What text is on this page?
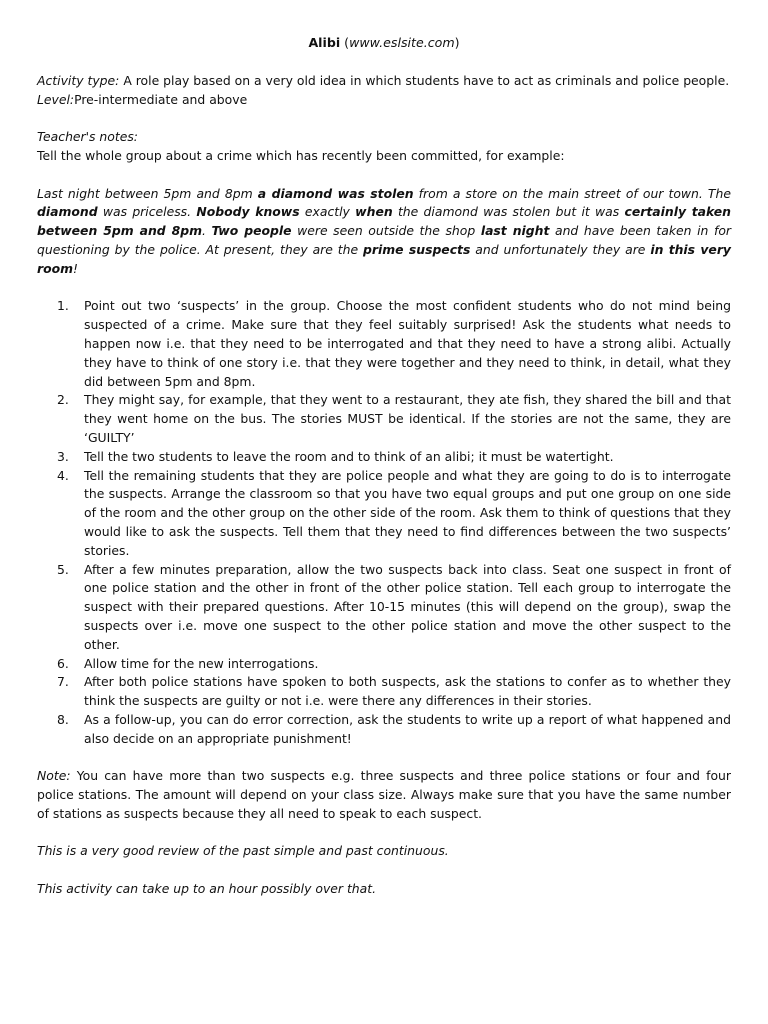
Alibi (www.eslsite.com)

Activity type: A role play based on a very old idea in which students have to act as criminals and police people.

Level:Pre-intermediate and above

Teacher's notes:

Tell the whole group about a crime which has recently been committed, for example:

Last night between 5pm and 8pm a diamond was stolen from a store on the main street of our town. The diamond was priceless. Nobody knows exactly when the diamond was stolen but it was certainly taken between 5pm and 8pm. Two people were seen outside the shop last night and have been taken in for questioning by the police. At present, they are the prime suspects and unfortunately they are in this very room!

1. Point out two ‘suspects’ in the group. Choose the most confident students who do not mind being suspected of a crime. Make sure that they feel suitably surprised! Ask the students what needs to happen now i.e. that they need to be interrogated and that they need to have a strong alibi. Actually they have to think of one story i.e. that they were together and they need to think, in detail, what they did between 5pm and 8pm.
2. They might say, for example, that they went to a restaurant, they ate fish, they shared the bill and that they went home on the bus. The stories MUST be identical. If the stories are not the same, they are ‘GUILTY’
3. Tell the two students to leave the room and to think of an alibi; it must be watertight.
4. Tell the remaining students that they are police people and what they are going to do is to interrogate the suspects. Arrange the classroom so that you have two equal groups and put one group on one side of the room and the other group on the other side of the room. Ask them to think of questions that they would like to ask the suspects. Tell them that they need to find differences between the two suspects’ stories.
5. After a few minutes preparation, allow the two suspects back into class. Seat one suspect in front of one police station and the other in front of the other police station. Tell each group to interrogate the suspect with their prepared questions. After 10-15 minutes (this will depend on the group), swap the suspects over i.e. move one suspect to the other police station and move the other suspect to the other.
6. Allow time for the new interrogations.
7. After both police stations have spoken to both suspects, ask the stations to confer as to whether they think the suspects are guilty or not i.e. were there any differences in their stories.
8. As a follow-up, you can do error correction, ask the students to write up a report of what happened and also decide on an appropriate punishment!

Note: You can have more than two suspects e.g. three suspects and three police stations or four and four police stations. The amount will depend on your class size. Always make sure that you have the same number of stations as suspects because they all need to speak to each suspect.

This is a very good review of the past simple and past continuous.

This activity can take up to an hour possibly over that.
